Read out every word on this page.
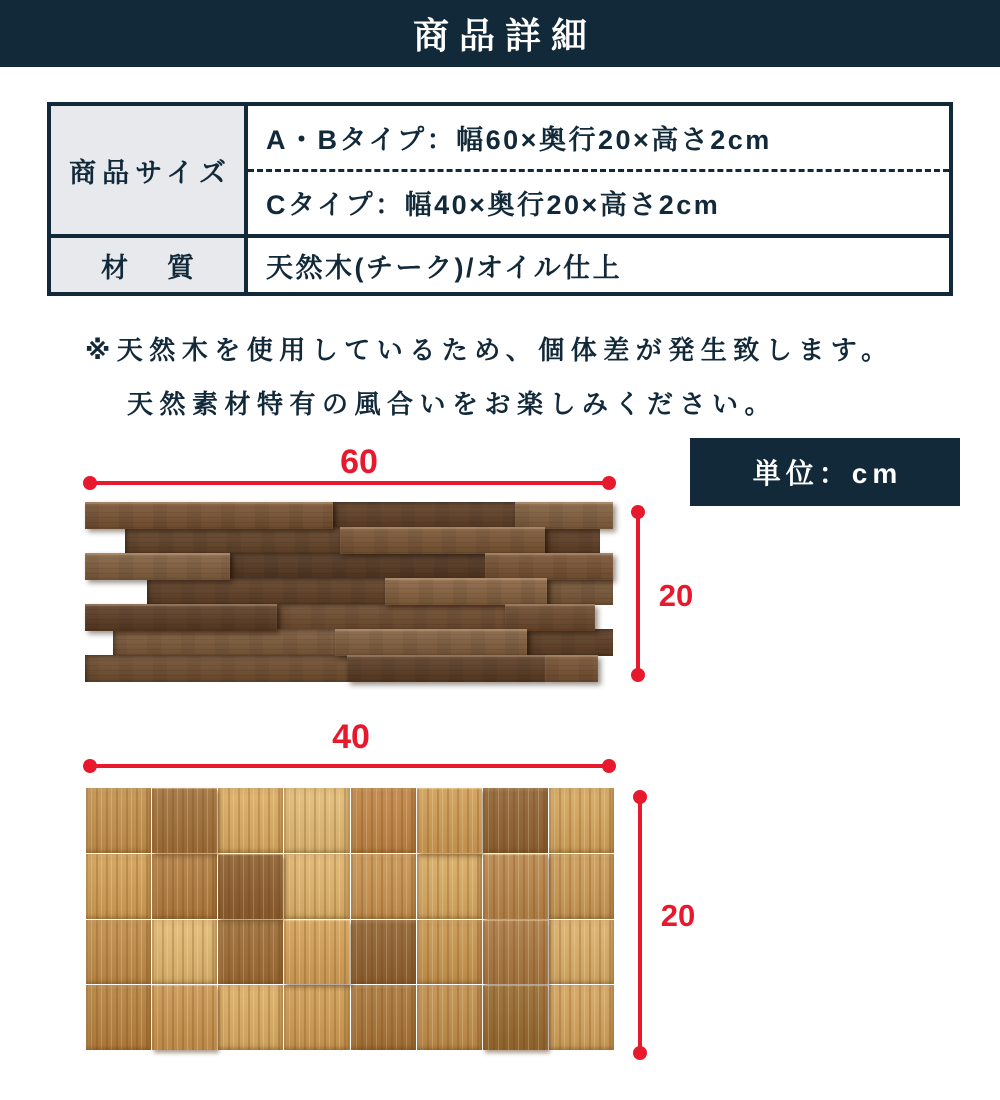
商品詳細
商品サイズ
A・Bタイプ：幅60×奥行20×高さ2cm
Cタイプ：幅40×奥行20×高さ2cm
材　質	天然木(チーク)/オイル仕上
※天然木を使用しているため、個体差が発生致します。
天然素材特有の風合いをお楽しみください。
単位：cm
60
20
40
20
